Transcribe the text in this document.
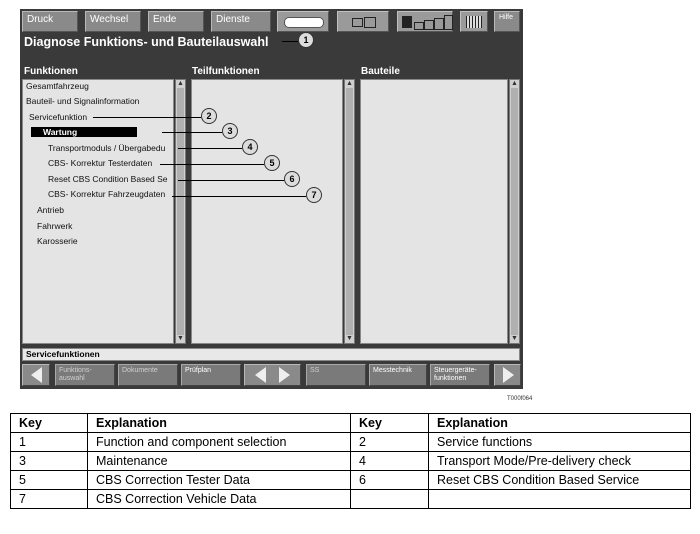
Druck	Wechsel	Ende	Dienste	Hilfe
Diagnose Funktions- und Bauteilauswahl
Funktionen	Teilfunktionen	Bauteile
Gesamtfahrzeug
Bauteil- und Signalinformation
Servicefunktion
Wartung
Transportmoduls / Übergabedu
CBS- Korrektur Testerdaten
Reset CBS Condition Based Se
CBS- Korrektur Fahrzeugdaten
Antrieb
Fahrwerk
Karosserie
▲
▼
▲
▼
▲
▼
Servicefunktionen
Funktions-auswahl
Dokumente	Prüfplan	SS	Messtechnik	Steuergeräte-funktionen
1
2
3
4
5
6
7
T000f064
Key	Explanation	Key	Explanation
1	Function and component selection	2	Service functions
3	Maintenance	4	Transport Mode/Pre-delivery check
5	CBS Correction Tester Data	6	Reset CBS Condition Based Service
7	CBS Correction Vehicle Data		
